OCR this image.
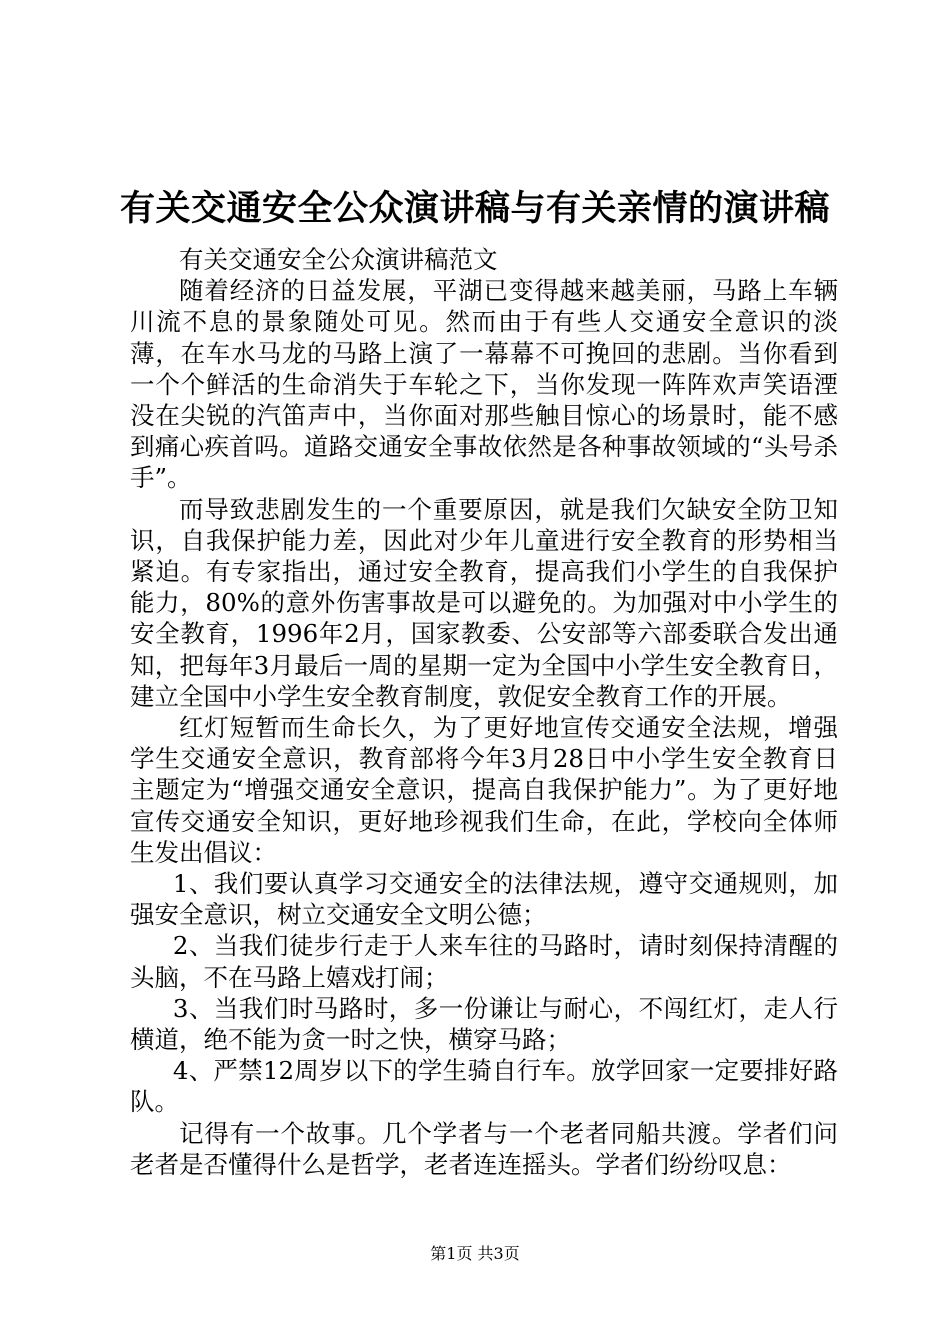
有关交通安全公众演讲稿与有关亲情的演讲稿

有关交通安全公众演讲稿范文

随着经济的日益发展，平湖已变得越来越美丽，马路上车辆川流不息的景象随处可见。然而由于有些人交通安全意识的淡薄，在车水马龙的马路上演了一幕幕不可挽回的悲剧。当你看到一个个鲜活的生命消失于车轮之下，当你发现一阵阵欢声笑语湮没在尖锐的汽笛声中，当你面对那些触目惊心的场景时，能不感到痛心疾首吗。道路交通安全事故依然是各种事故领域的“头号杀手”。

而导致悲剧发生的一个重要原因，就是我们欠缺安全防卫知识，自我保护能力差，因此对少年儿童进行安全教育的形势相当紧迫。有专家指出，通过安全教育，提高我们小学生的自我保护能力，80%的意外伤害事故是可以避免的。为加强对中小学生的安全教育，1996年2月，国家教委、公安部等六部委联合发出通知，把每年3月最后一周的星期一定为全国中小学生安全教育日，建立全国中小学生安全教育制度，敦促安全教育工作的开展。

红灯短暂而生命长久，为了更好地宣传交通安全法规，增强学生交通安全意识，教育部将今年3月28日中小学生安全教育日主题定为“增强交通安全意识，提高自我保护能力”。为了更好地宣传交通安全知识，更好地珍视我们生命，在此，学校向全体师生发出倡议：

1、我们要认真学习交通安全的法律法规，遵守交通规则，加强安全意识，树立交通安全文明公德；

2、当我们徒步行走于人来车往的马路时，请时刻保持清醒的头脑，不在马路上嬉戏打闹；

3、当我们时马路时，多一份谦让与耐心，不闯红灯，走人行横道，绝不能为贪一时之快，横穿马路；

4、严禁12周岁以下的学生骑自行车。放学回家一定要排好路队。

记得有一个故事。几个学者与一个老者同船共渡。学者们问老者是否懂得什么是哲学，老者连连摇头。学者们纷纷叹息：

第1页 共3页
